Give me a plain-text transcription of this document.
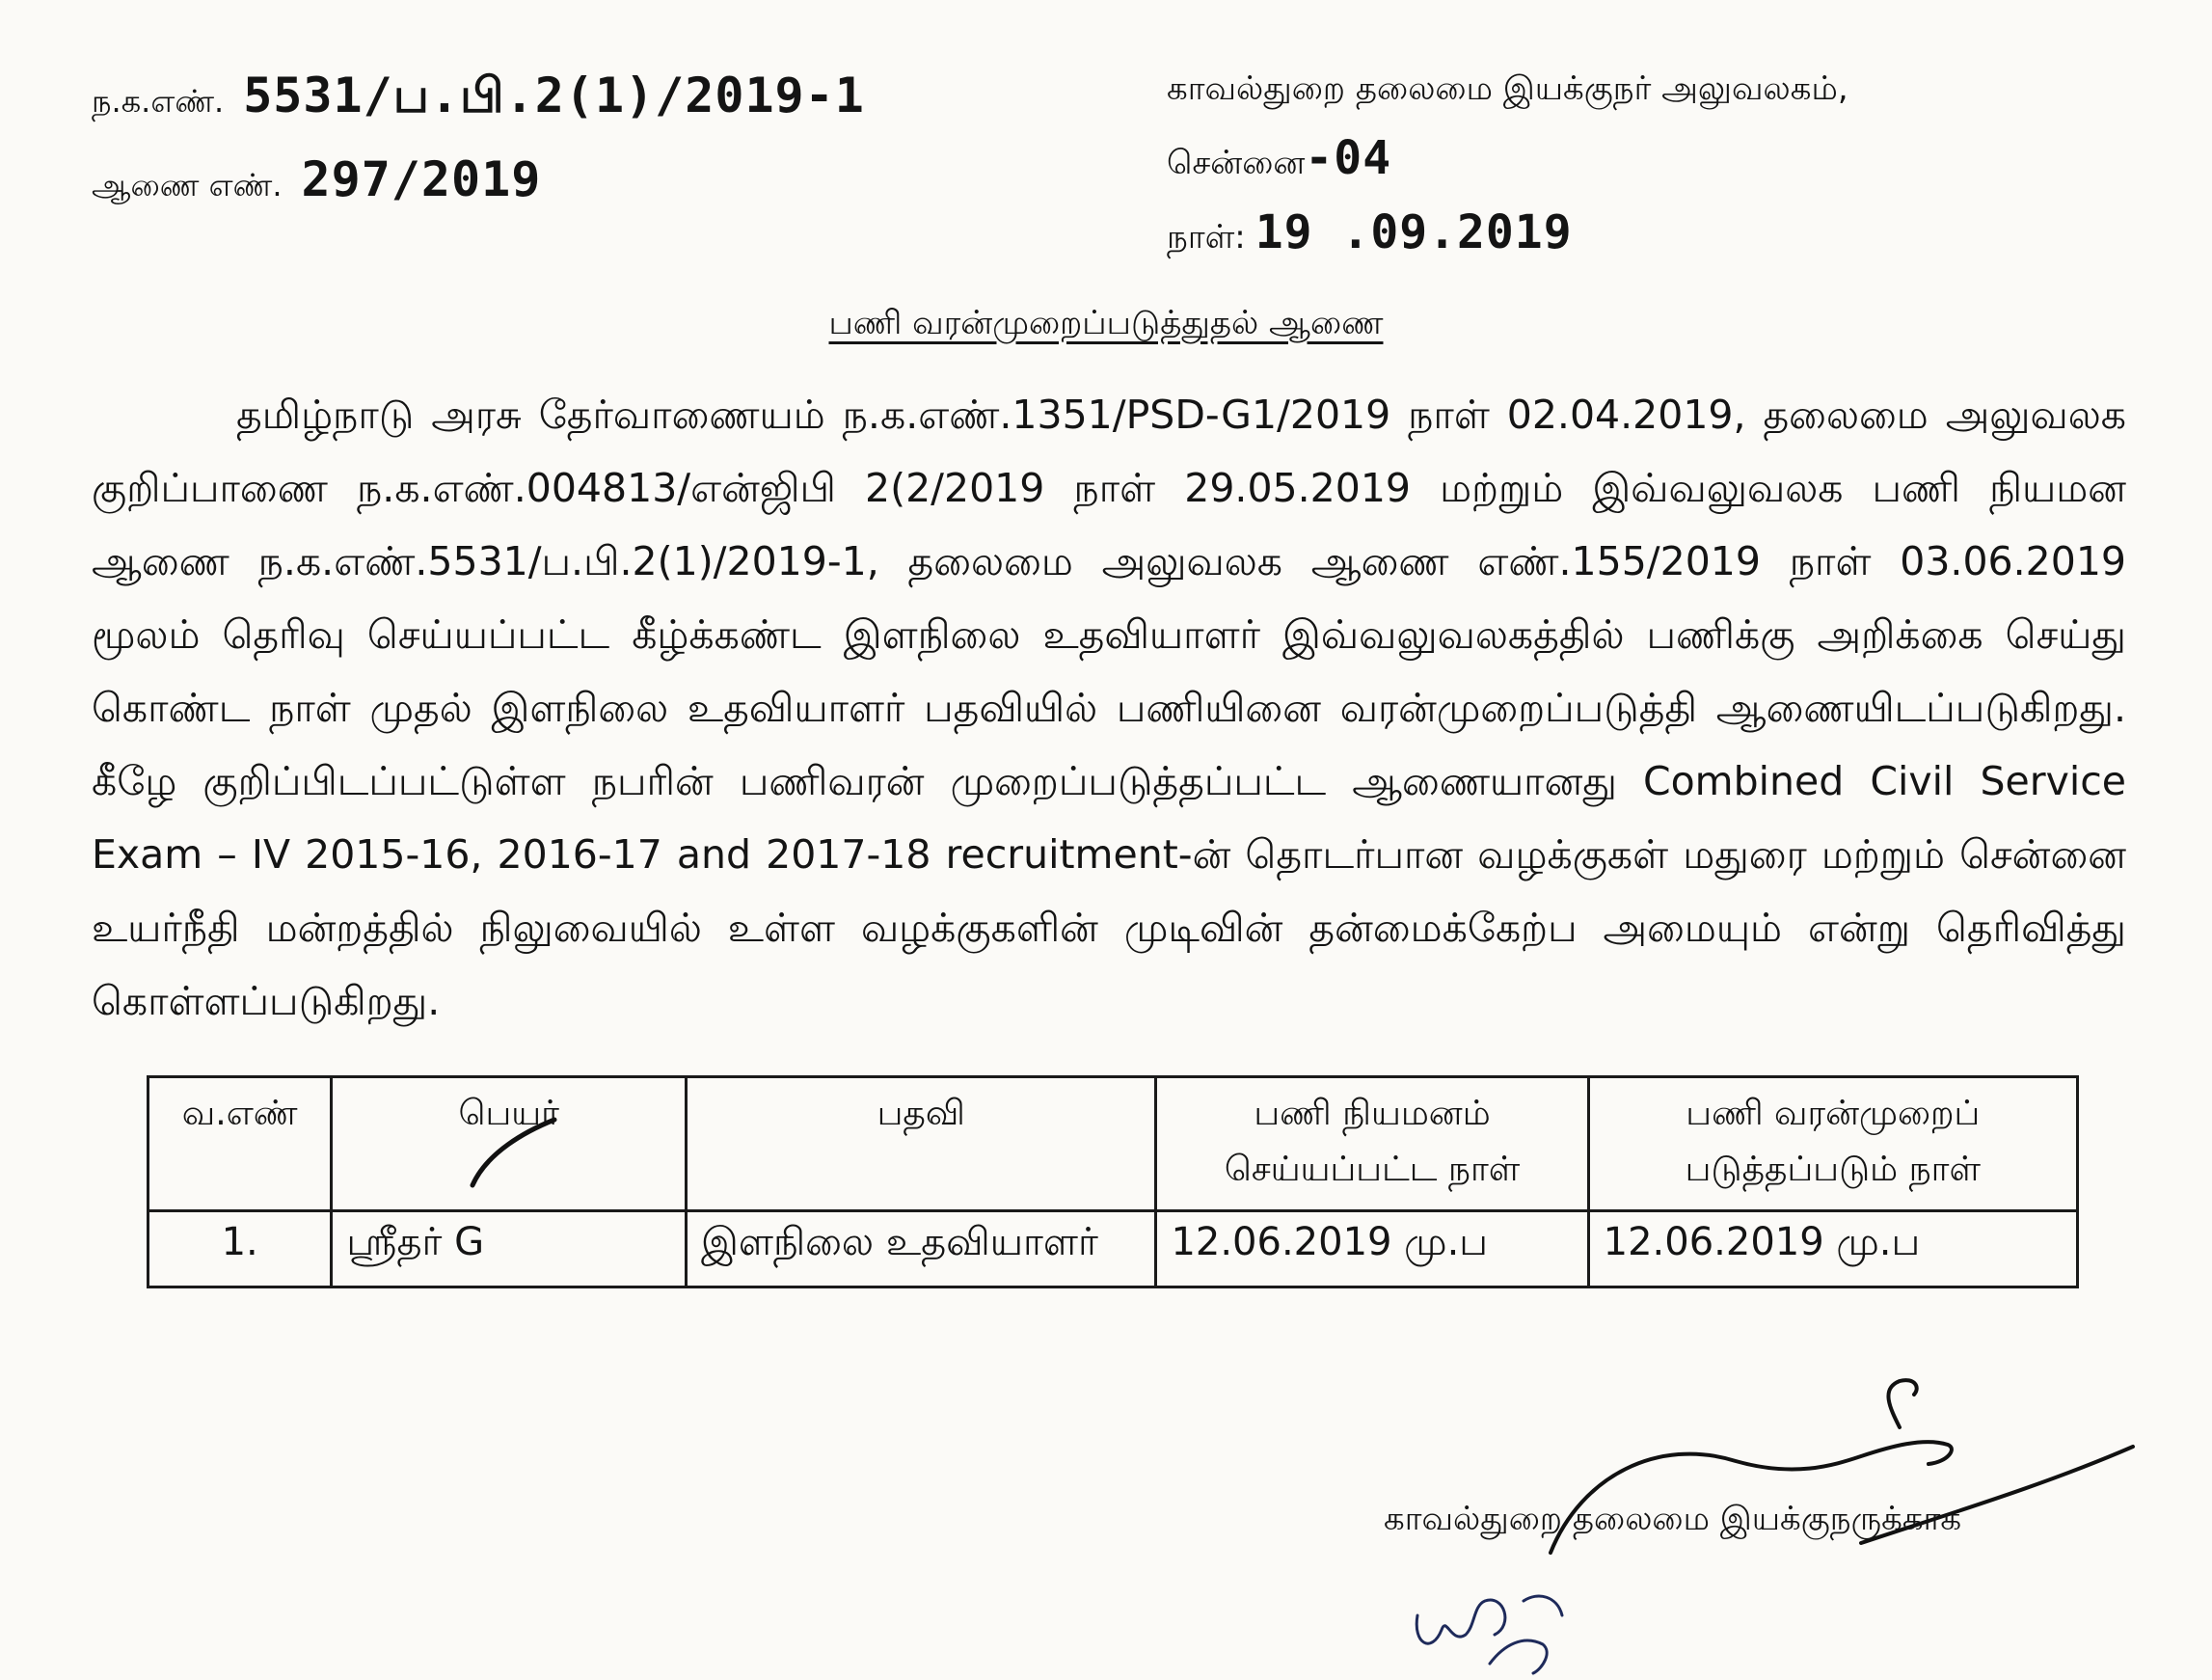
ந.க.எண். 5531/ப.பி.2(1)/2019-1
ஆணை எண். 297/2019
காவல்துறை தலைமை இயக்குநர் அலுவலகம்,
சென்னை -04
நாள்: 19 .09.2019
பணி வரன்முறைப்படுத்துதல் ஆணை

தமிழ்நாடு அரசு தேர்வாணையம் ந.க.எண்.1351/PSD-G1/2019 நாள் 02.04.2019, தலைமை அலுவலக குறிப்பாணை ந.க.எண்.004813/என்ஜிபி 2(2/2019 நாள் 29.05.2019 மற்றும் இவ்வலுவலக பணி நியமன ஆணை ந.க.எண்.5531/ப.பி.2(1)/2019-1, தலைமை அலுவலக ஆணை எண்.155/2019 நாள் 03.06.2019 மூலம் தெரிவு செய்யப்பட்ட கீழ்க்கண்ட இளநிலை உதவியாளர் இவ்வலுவலகத்தில் பணிக்கு அறிக்கை செய்து கொண்ட நாள் முதல் இளநிலை உதவியாளர் பதவியில் பணியினை வரன்முறைப்படுத்தி ஆணையிடப்படுகிறது. கீழே குறிப்பிடப்பட்டுள்ள நபரின் பணிவரன் முறைப்படுத்தப்பட்ட ஆணையானது Combined Civil Service Exam – IV 2015-16, 2016-17 and 2017-18 recruitment-ன் தொடர்பான வழக்குகள் மதுரை மற்றும் சென்னை உயர்நீதி மன்றத்தில் நிலுவையில் உள்ள வழக்குகளின் முடிவின் தன்மைக்கேற்ப அமையும் என்று தெரிவித்து கொள்ளப்படுகிறது.

வ.எண்	பெயர்	பதவி	பணி நியமனம் செய்யப்பட்ட நாள்	பணி வரன்முறைப் படுத்தப்படும் நாள்
1.	ஸ்ரீதர் G	இளநிலை உதவியாளர்	12.06.2019 மு.ப	12.06.2019 மு.ப
காவல்துறை தலைமை இயக்குநருக்காக
